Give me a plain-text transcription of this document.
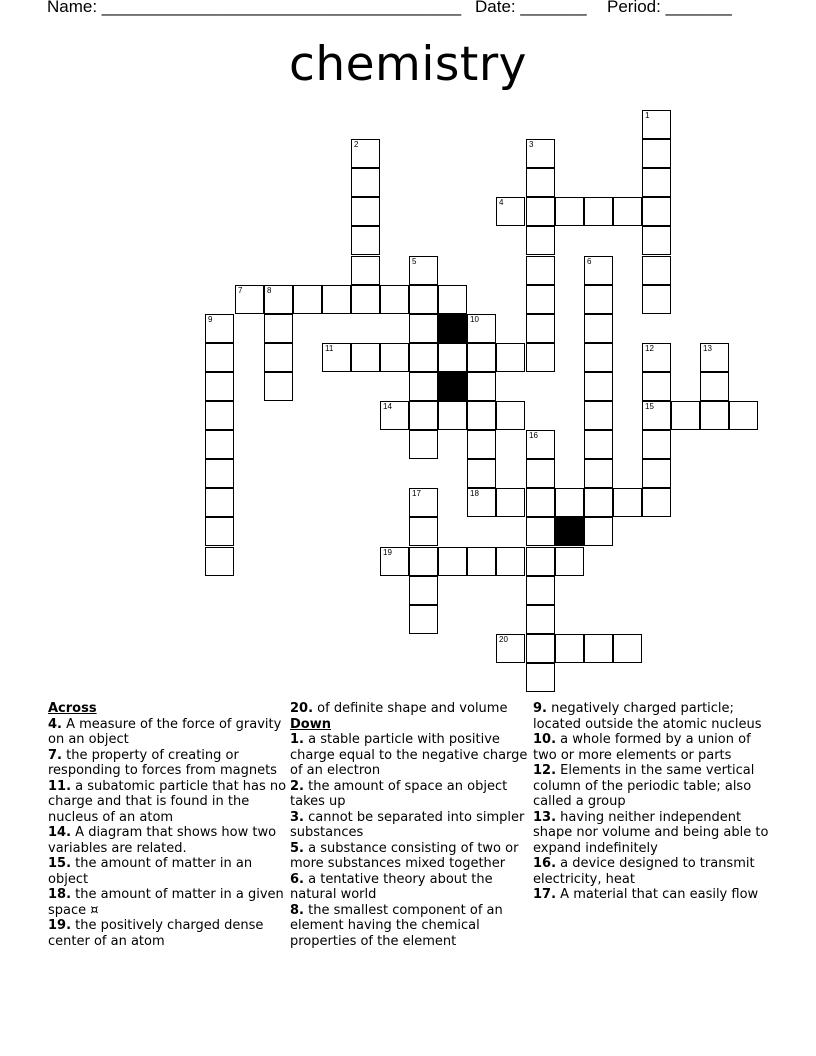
Name: ______________________________________ Date: _______ Period: _______
chemistry
1
2	3
4
5	6
7	8
9	10
11	12	13
14	15
16
17	18
19
20
Across
4. A measure of the force of gravity on an object
7. the property of creating or responding to forces from magnets
11. a subatomic particle that has no charge and that is found in the nucleus of an atom
14. A diagram that shows how two variables are related.
15. the amount of matter in an object
18. the amount of matter in a given space ¤
19. the positively charged dense center of an atom
20. of definite shape and volume
Down
1. a stable particle with positive charge equal to the negative charge of an electron
2. the amount of space an object takes up
3. cannot be separated into simpler substances
5. a substance consisting of two or more substances mixed together
6. a tentative theory about the natural world
8. the smallest component of an element having the chemical properties of the element
9. negatively charged particle; located outside the atomic nucleus
10. a whole formed by a union of two or more elements or parts
12. Elements in the same vertical column of the periodic table; also called a group
13. having neither independent shape nor volume and being able to expand indefinitely
16. a device designed to transmit electricity, heat
17. A material that can easily flow
